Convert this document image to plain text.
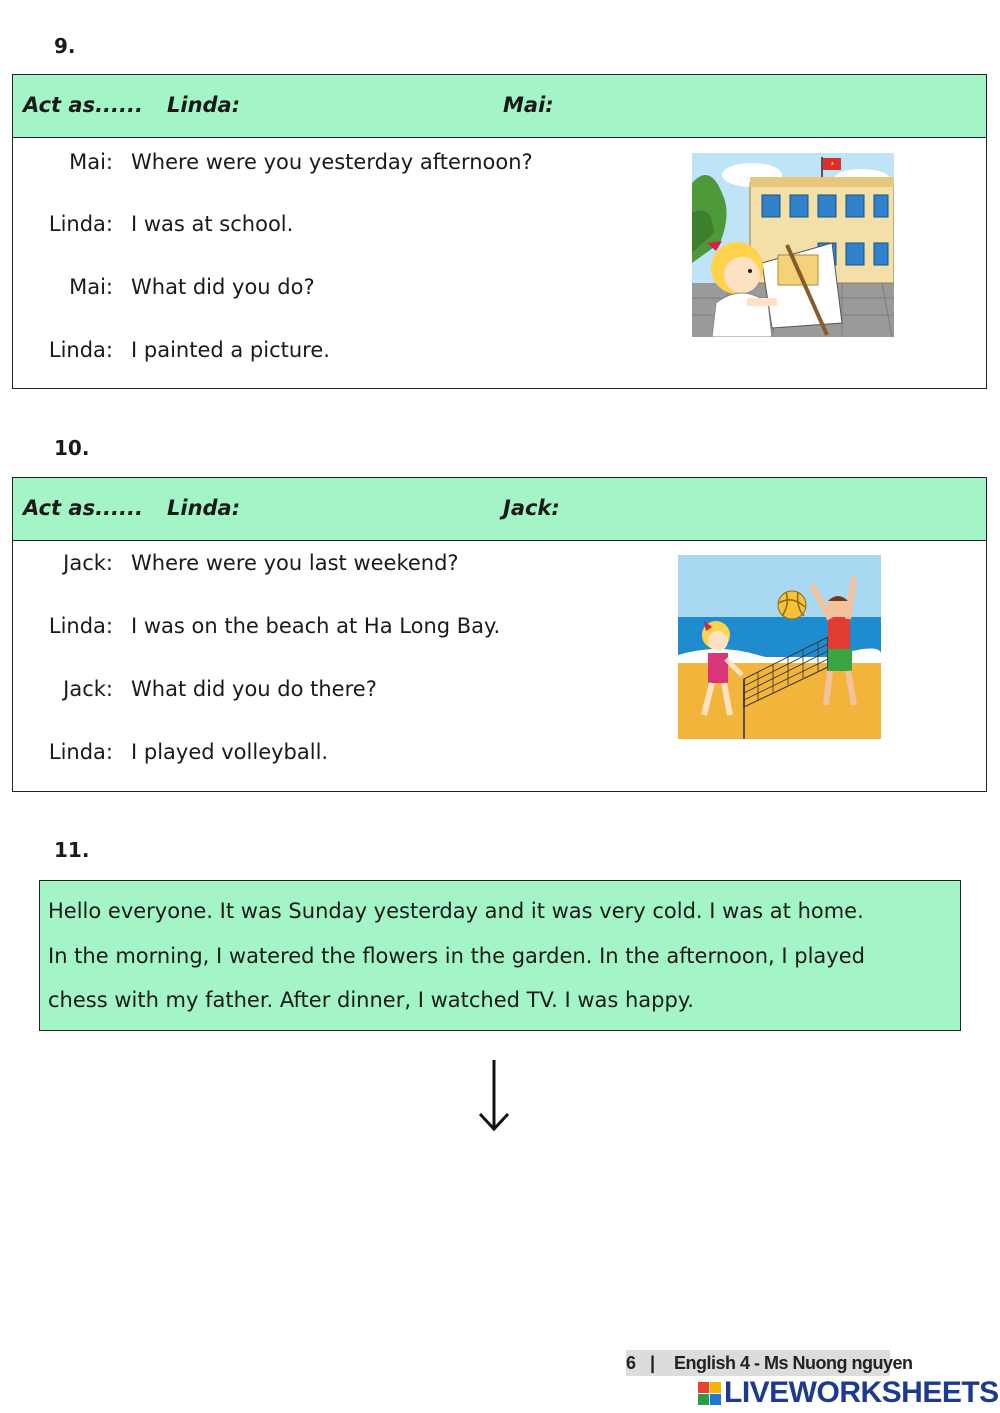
9.
Act as...... Linda:	Mai:
Mai: Where were you yesterday afternoon?
Linda: I was at school.
Mai: What did you do?
Linda: I painted a picture.
10.
Act as...... Linda:	Jack:
Jack: Where were you last weekend?
Linda: I was on the beach at Ha Long Bay.
Jack: What did you do there?
Linda: I played volleyball.
11.
Hello everyone. It was Sunday yesterday and it was very cold. I was at home.
In the morning, I watered the flowers in the garden. In the afternoon, I played
chess with my father. After dinner, I watched TV. I was happy.
6 | English 4 - Ms Nuong nguyen
LIVEWORKSHEETS
